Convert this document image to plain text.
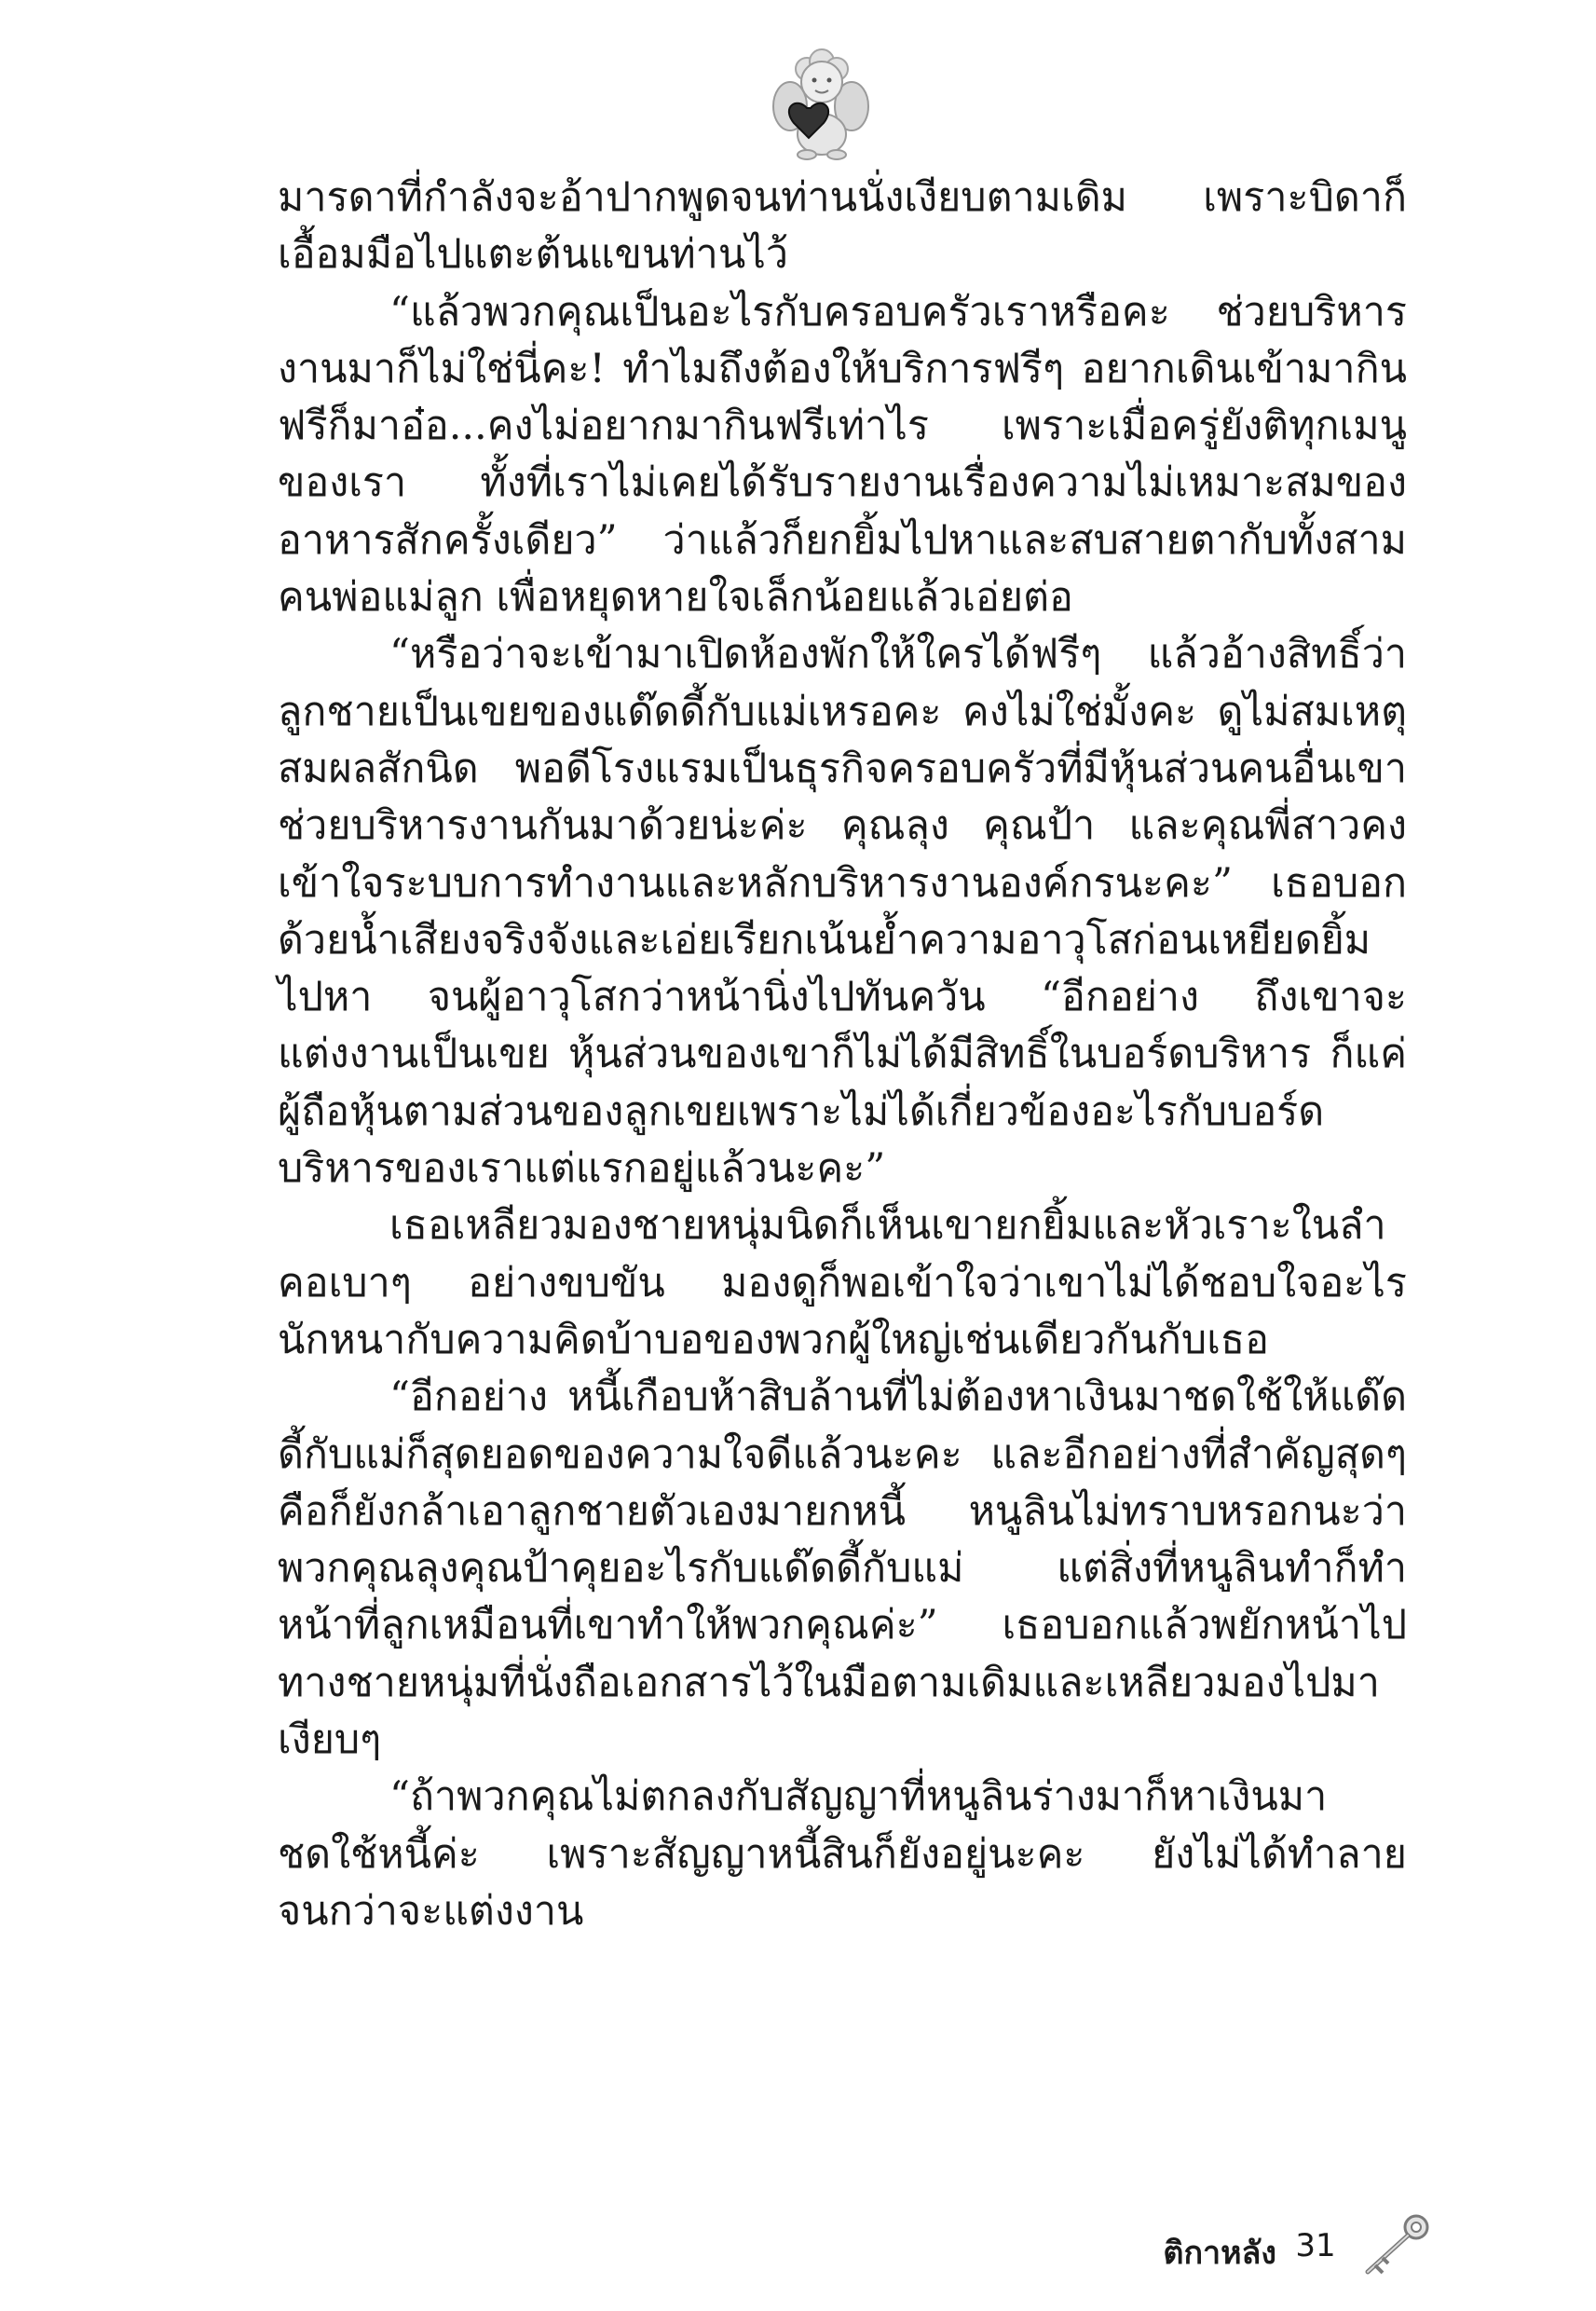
มารดาที่กำลังจะอ้าปากพูดจนท่านนั่งเงียบตามเดิม เพราะบิดาก็เอื้อมมือไปแตะต้นแขนท่านไว้

“แล้วพวกคุณเป็นอะไรกับครอบครัวเราหรือคะ ช่วยบริหารงานมาก็ไม่ใช่นี่คะ! ทำไมถึงต้องให้บริการฟรีๆ อยากเดินเข้ามากินฟรีก็มาอ๋อ...คงไม่อยากมากินฟรีเท่าไร เพราะเมื่อครู่ยังติทุกเมนูของเรา ทั้งที่เราไม่เคยได้รับรายงานเรื่องความไม่เหมาะสมของอาหารสักครั้งเดียว” ว่าแล้วก็ยกยิ้มไปหาและสบสายตากับทั้งสามคนพ่อแม่ลูก เพื่อหยุดหายใจเล็กน้อยแล้วเอ่ยต่อ

“หรือว่าจะเข้ามาเปิดห้องพักให้ใครได้ฟรีๆ แล้วอ้างสิทธิ์ว่าลูกชายเป็นเขยของแด๊ดดี้กับแม่เหรอคะ คงไม่ใช่มั้งคะ ดูไม่สมเหตุสมผลสักนิด พอดีโรงแรมเป็นธุรกิจครอบครัวที่มีหุ้นส่วนคนอื่นเขาช่วยบริหารงานกันมาด้วยน่ะค่ะ คุณลุง คุณป้า และคุณพี่สาวคงเข้าใจระบบการทำงานและหลักบริหารงานองค์กรนะคะ” เธอบอกด้วยน้ำเสียงจริงจังและเอ่ยเรียกเน้นย้ำความอาวุโสก่อนเหยียดยิ้มไปหา จนผู้อาวุโสกว่าหน้านิ่งไปทันควัน “อีกอย่าง ถึงเขาจะแต่งงานเป็นเขย หุ้นส่วนของเขาก็ไม่ได้มีสิทธิ์ในบอร์ดบริหาร ก็แค่ผู้ถือหุ้นตามส่วนของลูกเขยเพราะไม่ได้เกี่ยวข้องอะไรกับบอร์ดบริหารของเราแต่แรกอยู่แล้วนะคะ”

เธอเหลียวมองชายหนุ่มนิดก็เห็นเขายกยิ้มและหัวเราะในลำคอเบาๆ อย่างขบขัน มองดูก็พอเข้าใจว่าเขาไม่ได้ชอบใจอะไรนักหนากับความคิดบ้าบอของพวกผู้ใหญ่เช่นเดียวกันกับเธอ

“อีกอย่าง หนี้เกือบห้าสิบล้านที่ไม่ต้องหาเงินมาชดใช้ให้แด๊ดดี้กับแม่ก็สุดยอดของความใจดีแล้วนะคะ และอีกอย่างที่สำคัญสุดๆ คือก็ยังกล้าเอาลูกชายตัวเองมายกหนี้ หนูลินไม่ทราบหรอกนะว่าพวกคุณลุงคุณป้าคุยอะไรกับแด๊ดดี้กับแม่ แต่สิ่งที่หนูลินทำก็ทำหน้าที่ลูกเหมือนที่เขาทำให้พวกคุณค่ะ” เธอบอกแล้วพยักหน้าไปทางชายหนุ่มที่นั่งถือเอกสารไว้ในมือตามเดิมและเหลียวมองไปมาเงียบๆ

“ถ้าพวกคุณไม่ตกลงกับสัญญาที่หนูลินร่างมาก็หาเงินมาชดใช้หนี้ค่ะ เพราะสัญญาหนี้สินก็ยังอยู่นะคะ ยังไม่ได้ทำลายจนกว่าจะแต่งงาน

ติกาหลัง 31
